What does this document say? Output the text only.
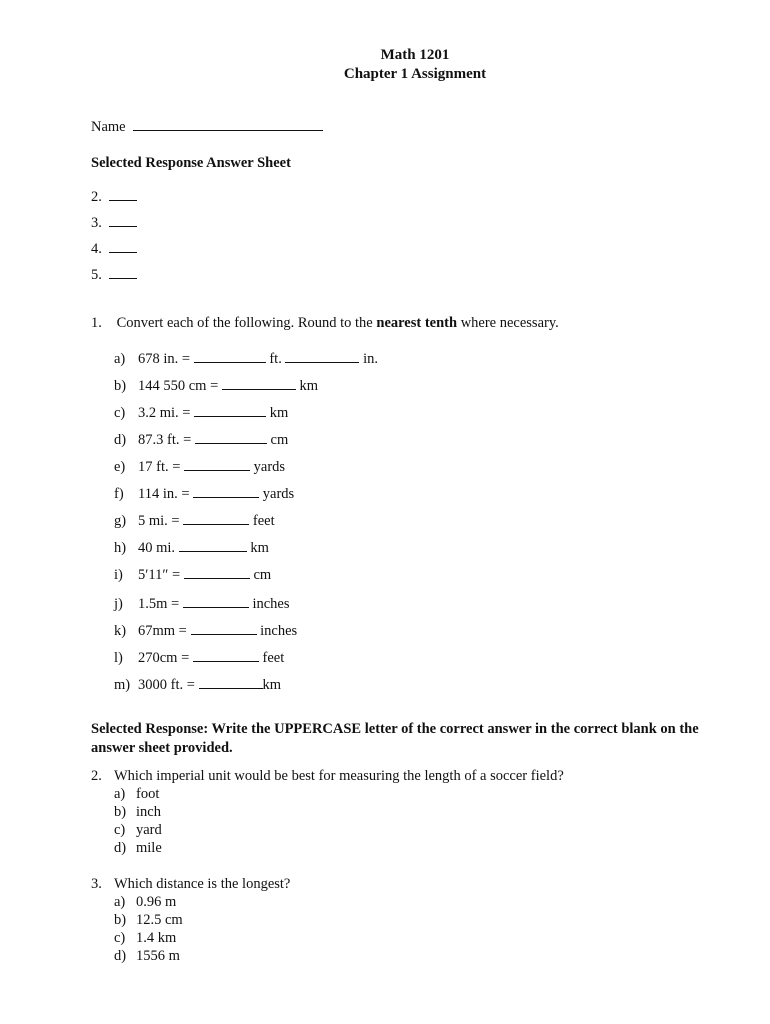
Math 1201
Chapter 1 Assignment
Name
Selected Response Answer Sheet
2.
3.
4.
5.
1. Convert each of the following. Round to the nearest tenth where necessary.
a) 678 in. =	ft.	in.
b) 144 550 cm =	km
c) 3.2 mi. =	km
d) 87.3 ft. =	cm
e) 17 ft. =	yards
f) 114 in. =	yards
g) 5 mi. =	feet
h) 40 mi.	km
i) 5′11″ =	cm
j) 1.5m =	inches
k) 67mm =	inches
l) 270cm =	feet
m) 3000 ft. =	km
Selected Response: Write the UPPERCASE letter of the correct answer in the correct blank on the answer sheet provided.
2. Which imperial unit would be best for measuring the length of a soccer field?
a) foot
b) inch
c) yard
d) mile
3. Which distance is the longest?
a) 0.96 m
b) 12.5 cm
c) 1.4 km
d) 1556 m
